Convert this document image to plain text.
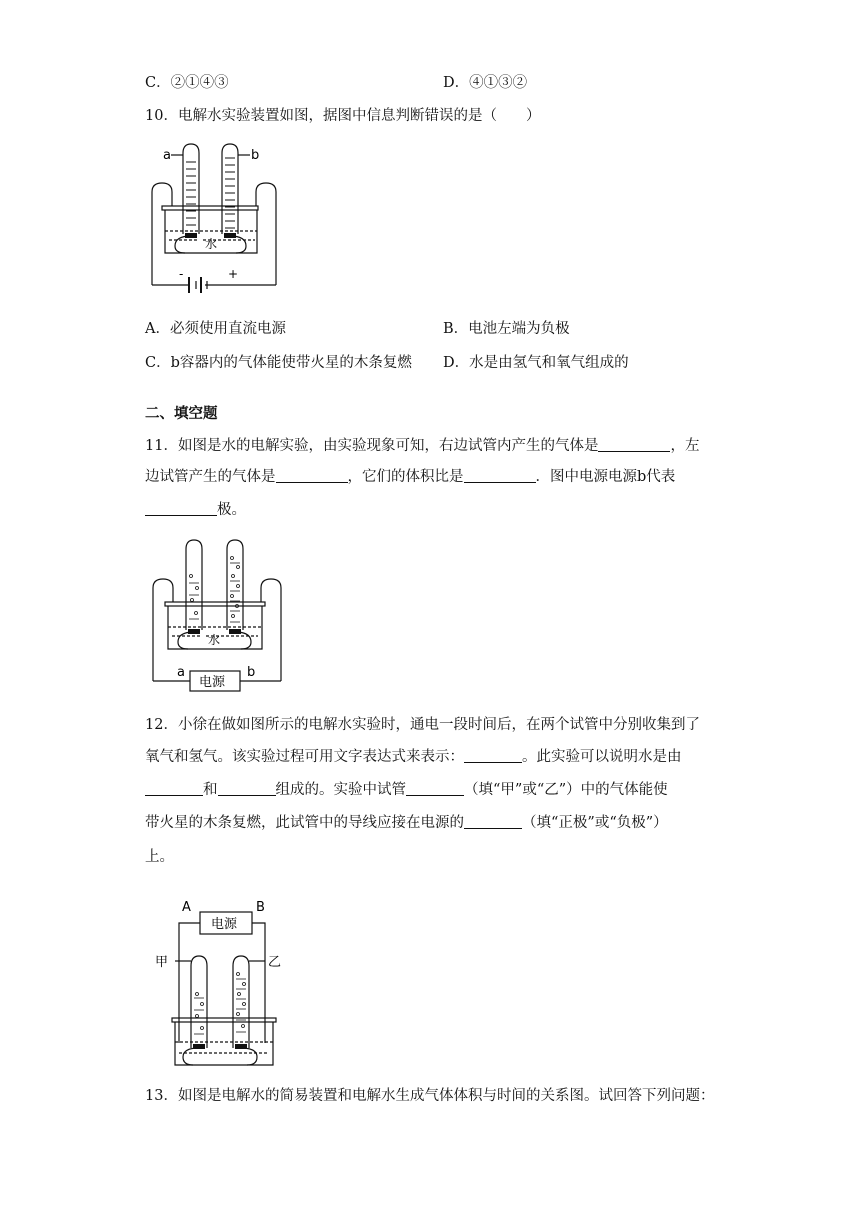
C．②①④③	D．④①③②
10．电解水实验装置如图，据图中信息判断错误的是（　　）
a	b
水
-	+
A．必须使用直流电源	B．电池左端为负极
C．b容器内的气体能使带火星的木条复燃 D．水是由氢气和氧气组成的
二、填空题
11．如图是水的电解实验，由实验现象可知，右边试管内产生的气体是	，左
边试管产生的气体是	，它们的体积比是	．图中电源电源b代表
极。
水
a	b
电源
12．小徐在做如图所示的电解水实验时，通电一段时间后，在两个试管中分别收集到了
氧气和氢气。该实验过程可用文字表达式来表示：	。此实验可以说明水是由
和	组成的。实验中试管	（填“甲”或“乙”）中的气体能使
带火星的木条复燃，此试管中的导线应接在电源的	（填“正极”或“负极”）
上。
A	B
电源
甲	乙
13．如图是电解水的简易装置和电解水生成气体体积与时间的关系图。试回答下列问题：
